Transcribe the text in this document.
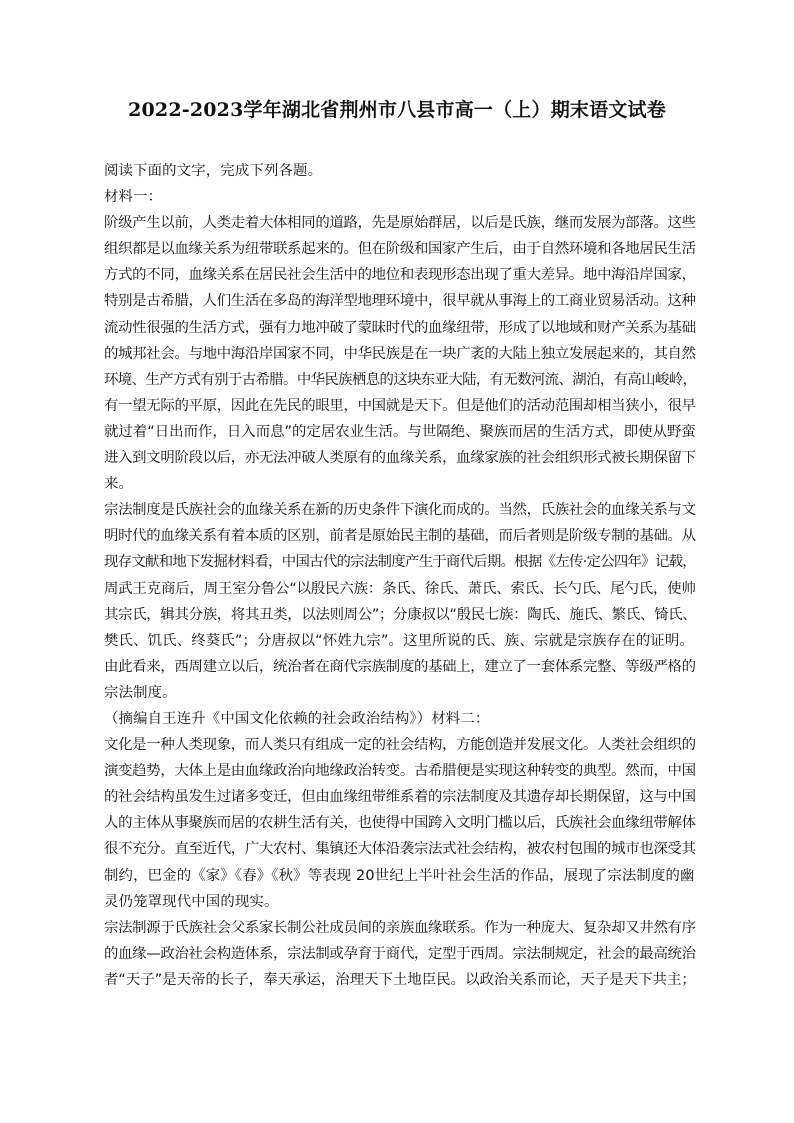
2022-2023学年湖北省荆州市八县市高一（上）期末语文试卷
阅读下面的文字，完成下列各题。
材料一：
阶级产生以前，人类走着大体相同的道路，先是原始群居，以后是氏族，继而发展为部落。这些
组织都是以血缘关系为纽带联系起来的。但在阶级和国家产生后，由于自然环境和各地居民生活
方式的不同，血缘关系在居民社会生活中的地位和表现形态出现了重大差异。地中海沿岸国家，
特别是古希腊，人们生活在多岛的海洋型地理环境中，很早就从事海上的工商业贸易活动。这种
流动性很强的生活方式，强有力地冲破了蒙昧时代的血缘纽带，形成了以地域和财产关系为基础
的城邦社会。与地中海沿岸国家不同，中华民族是在一块广袤的大陆上独立发展起来的，其自然
环境、生产方式有别于古希腊。中华民族栖息的这块东亚大陆，有无数河流、湖泊，有高山峻岭，
有一望无际的平原，因此在先民的眼里，中国就是天下。但是他们的活动范围却相当狭小，很早
就过着“日出而作，日入而息”的定居农业生活。与世隔绝、聚族而居的生活方式，即使从野蛮
进入到文明阶段以后，亦无法冲破人类原有的血缘关系，血缘家族的社会组织形式被长期保留下
来。
宗法制度是氏族社会的血缘关系在新的历史条件下演化而成的。当然，氏族社会的血缘关系与文
明时代的血缘关系有着本质的区别，前者是原始民主制的基础，而后者则是阶级专制的基础。从
现存文献和地下发掘材料看，中国古代的宗法制度产生于商代后期。根据《左传·定公四年》记载，
周武王克商后，周王室分鲁公“以殷民六族：条氏、徐氏、萧氏、索氏、长勺氏、尾勺氏，使帅
其宗氏，辑其分族，将其丑类，以法则周公”；分康叔以“殷民七族：陶氏、施氏、繁氏、锜氏、
樊氏、饥氏、终葵氏”；分唐叔以“怀姓九宗”。这里所说的氏、族、宗就是宗族存在的证明。
由此看来，西周建立以后，统治者在商代宗族制度的基础上，建立了一套体系完整、等级严格的
宗法制度。
（摘编自王连升《中国文化依赖的社会政治结构》）材料二：
文化是一种人类现象，而人类只有组成一定的社会结构，方能创造并发展文化。人类社会组织的
演变趋势，大体上是由血缘政治向地缘政治转变。古希腊便是实现这种转变的典型。然而，中国
的社会结构虽发生过诸多变迁，但由血缘纽带维系着的宗法制度及其遗存却长期保留，这与中国
人的主体从事聚族而居的农耕生活有关，也使得中国跨入文明门槛以后，氏族社会血缘纽带解体
很不充分。直至近代，广大农村、集镇还大体沿袭宗法式社会结构，被农村包围的城市也深受其
制约，巴金的《家》《春》《秋》等表现 20世纪上半叶社会生活的作品，展现了宗法制度的幽
灵仍笼罩现代中国的现实。
宗法制源于氏族社会父系家长制公社成员间的亲族血缘联系。作为一种庞大、复杂却又井然有序
的血缘—政治社会构造体系，宗法制或孕育于商代，定型于西周。宗法制规定，社会的最高统治
者“天子”是天帝的长子，奉天承运，治理天下土地臣民。以政治关系而论，天子是天下共主；
